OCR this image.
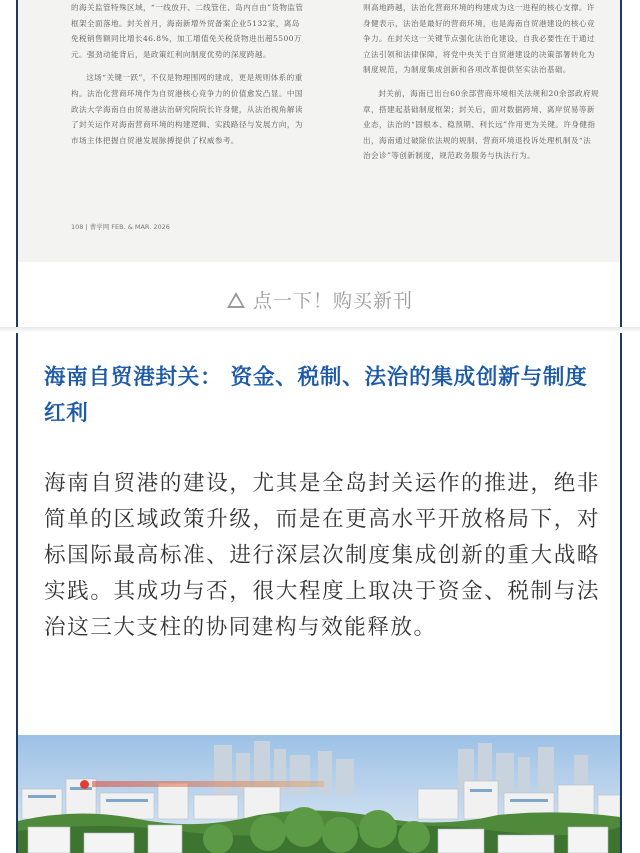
的海关监管特殊区域，“一线放开、二线管住、岛内自由”货物监管框架全面落地。封关首月，海南新增外贸备案企业5132家，离岛免税销售额同比增长46.8%，加工增值免关税货物进出超5500万元。强劲动能背后，是政策红利向制度优势的深度跨越。

这场“关键一跃”，不仅是物理围网的建成，更是规则体系的重构。法治化营商环境作为自贸港核心竞争力的价值愈发凸显。中国政法大学海南自由贸易港法治研究院院长许身健，从法治视角解读了封关运作对海南营商环境的构建逻辑、实践路径与发展方向，为市场主体把握自贸港发展脉搏提供了权威参考。

则高地跨越，法治化营商环境的构建成为这一进程的核心支撑。许身健表示，法治是最好的营商环境，也是海南自贸港建设的核心竞争力。在封关这一关键节点强化法治化建设，自我必要性在于通过立法引领和法律保障，将党中央关于自贸港建设的决策部署转化为制度规范，为制度集成创新和各项改革提供坚实法治基础。

封关前，海南已出台60余部营商环境相关法规和20余部政府规章，搭建起基础制度框架；封关后，面对数据跨境、离岸贸易等新业态，法治的“固根本、稳预期、利长远”作用更为关键。许身健指出，海南通过破除依法规的规制、营商环境退投诉处理机制及“法治会诊”等创新制度，规范政务服务与执法行为。

108 | 曹学网 FEB. & MAR. 2026
点一下！购买新刊
海南自贸港封关： 资金、税制、法治的集成创新与制度红利

海南自贸港的建设，尤其是全岛封关运作的推进，绝非简单的区域政策升级，而是在更高水平开放格局下，对标国际最高标准、进行深层次制度集成创新的重大战略实践。其成功与否，很大程度上取决于资金、税制与法治这三大支柱的协同建构与效能释放。
